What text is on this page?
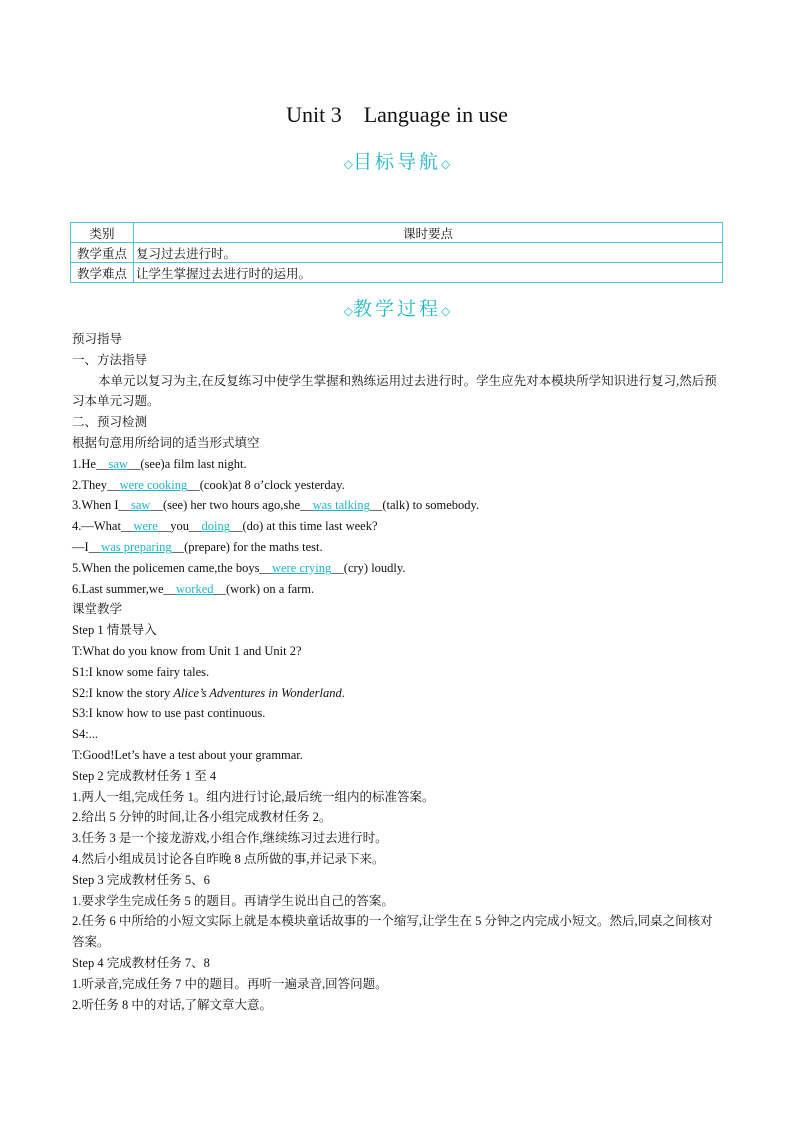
Unit 3 Language in use
◇目标导航◇
类别	课时要点
教学重点	复习过去进行时。
教学难点	让学生掌握过去进行时的运用。
◇教学过程◇
预习指导
一、方法指导
本单元以复习为主,在反复练习中使学生掌握和熟练运用过去进行时。学生应先对本模块所学知识进行复习,然后预习本单元习题。
二、预习检测
根据句意用所给词的适当形式填空
1.He__saw__(see)a film last night.
2.They__were cooking__(cook)at 8 o’clock yesterday.
3.When I__saw__(see) her two hours ago,she__was talking__(talk) to somebody.
4.—What__were__you__doing__(do) at this time last week?
—I__was preparing__(prepare) for the maths test.
5.When the policemen came,the boys__were crying__(cry) loudly.
6.Last summer,we__worked__(work) on a farm.
课堂教学
Step 1 情景导入
T:What do you know from Unit 1 and Unit 2?
S1:I know some fairy tales.
S2:I know the story Alice’s Adventures in Wonderland.
S3:I know how to use past continuous.
S4:...
T:Good!Let’s have a test about your grammar.
Step 2 完成教材任务 1 至 4
1.两人一组,完成任务 1。组内进行讨论,最后统一组内的标准答案。
2.给出 5 分钟的时间,让各小组完成教材任务 2。
3.任务 3 是一个接龙游戏,小组合作,继续练习过去进行时。
4.然后小组成员讨论各自昨晚 8 点所做的事,并记录下来。
Step 3 完成教材任务 5、6
1.要求学生完成任务 5 的题目。再请学生说出自己的答案。
2.任务 6 中所给的小短文实际上就是本模块童话故事的一个缩写,让学生在 5 分钟之内完成小短文。然后,同桌之间核对答案。
Step 4 完成教材任务 7、8
1.听录音,完成任务 7 中的题目。再听一遍录音,回答问题。
2.听任务 8 中的对话,了解文章大意。
